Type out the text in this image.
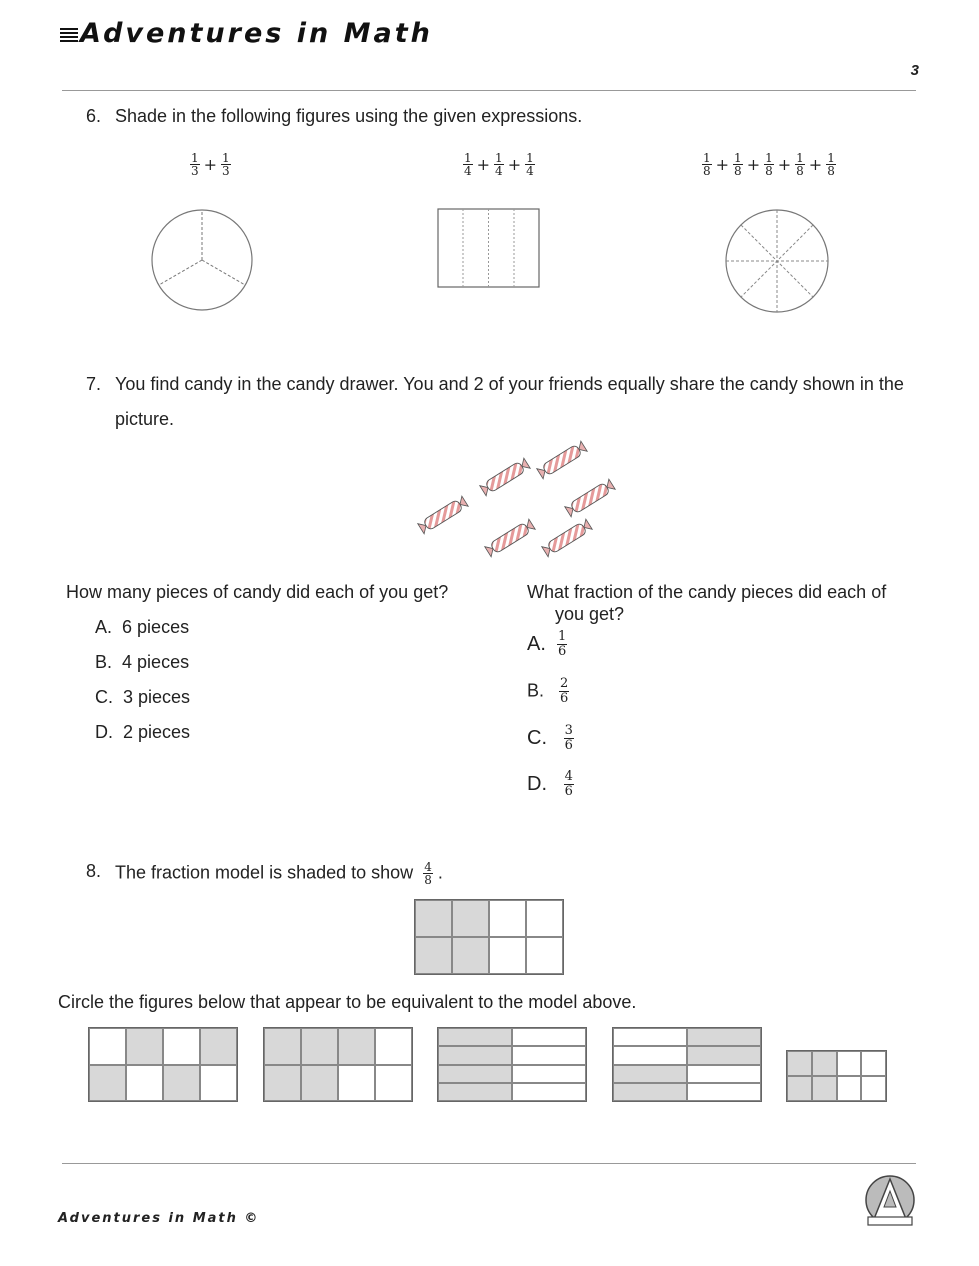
Adventures in Math
3
6. Shade in the following figures using the given expressions.
$\frac{1}{3} + \frac{1}{3}$	$\frac{1}{4} + \frac{1}{4} + \frac{1}{4}$	$\frac{1}{8} + \frac{1}{8} + \frac{1}{8} + \frac{1}{8} + \frac{1}{8}$
7. You find candy in the candy drawer. You and 2 of your friends equally share the candy shown in the
picture.
How many pieces of candy did each of you get?
A. 6 pieces
B. 4 pieces
C. 3 pieces
D. 2 pieces
What fraction of the candy pieces did each of
you get?
A. $\frac{1}{6}$
B. $\frac{2}{6}$
C. $\frac{3}{6}$
D. $\frac{4}{6}$
8. The fraction model is shaded to show $\frac{4}{8}$ .
Circle the figures below that appear to be equivalent to the model above.
Adventures in Math ©
